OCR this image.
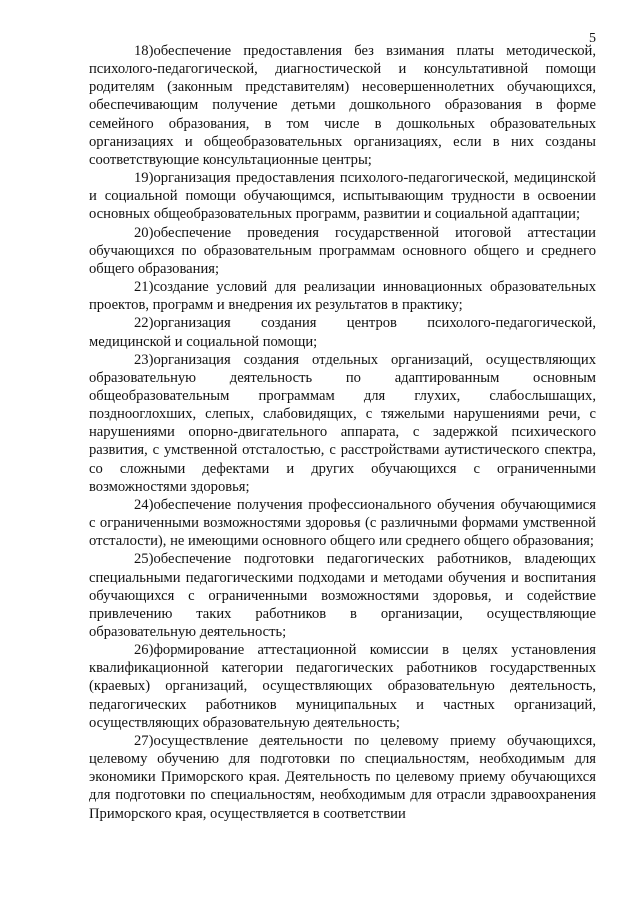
5

18)обеспечение предоставления без взимания платы методической, психолого-педагогической, диагностической и консультативной помощи родителям (законным представителям) несовершеннолетних обучающихся, обеспечивающим получение детьми дошкольного образования в форме семейного образования, в том числе в дошкольных образовательных организациях и общеобразовательных организациях, если в них созданы соответствующие консультационные центры;

19)организация предоставления психолого-педагогической, медицинской и социальной помощи обучающимся, испытывающим трудности в освоении основных общеобразовательных программ, развитии и социальной адаптации;

20)обеспечение проведения государственной итоговой аттестации обучающихся по образовательным программам основного общего и среднего общего образования;

21)создание условий для реализации инновационных образовательных проектов, программ и внедрения их результатов в практику;

22)организация создания центров психолого-педагогической, медицинской и социальной помощи;

23)организация создания отдельных организаций, осуществляющих образовательную деятельность по адаптированным основным общеобразовательным программам для глухих, слабослышащих, позднооглохших, слепых, слабовидящих, с тяжелыми нарушениями речи, с нарушениями опорно-двигательного аппарата, с задержкой психического развития, с умственной отсталостью, с расстройствами аутистического спектра, со сложными дефектами и других обучающихся с ограниченными возможностями здоровья;

24)обеспечение получения профессионального обучения обучающимися с ограниченными возможностями здоровья (с различными формами умственной отсталости), не имеющими основного общего или среднего общего образования;

25)обеспечение подготовки педагогических работников, владеющих специальными педагогическими подходами и методами обучения и воспитания обучающихся с ограниченными возможностями здоровья, и содействие привлечению таких работников в организации, осуществляющие образовательную деятельность;

26)формирование аттестационной комиссии в целях установления квалификационной категории педагогических работников государственных (краевых) организаций, осуществляющих образовательную деятельность, педагогических работников муниципальных и частных организаций, осуществляющих образовательную деятельность;

27)осуществление деятельности по целевому приему обучающихся, целевому обучению для подготовки по специальностям, необходимым для экономики Приморского края. Деятельность по целевому приему обучающихся для подготовки по специальностям, необходимым для отрасли здравоохранения Приморского края, осуществляется в соответствии
